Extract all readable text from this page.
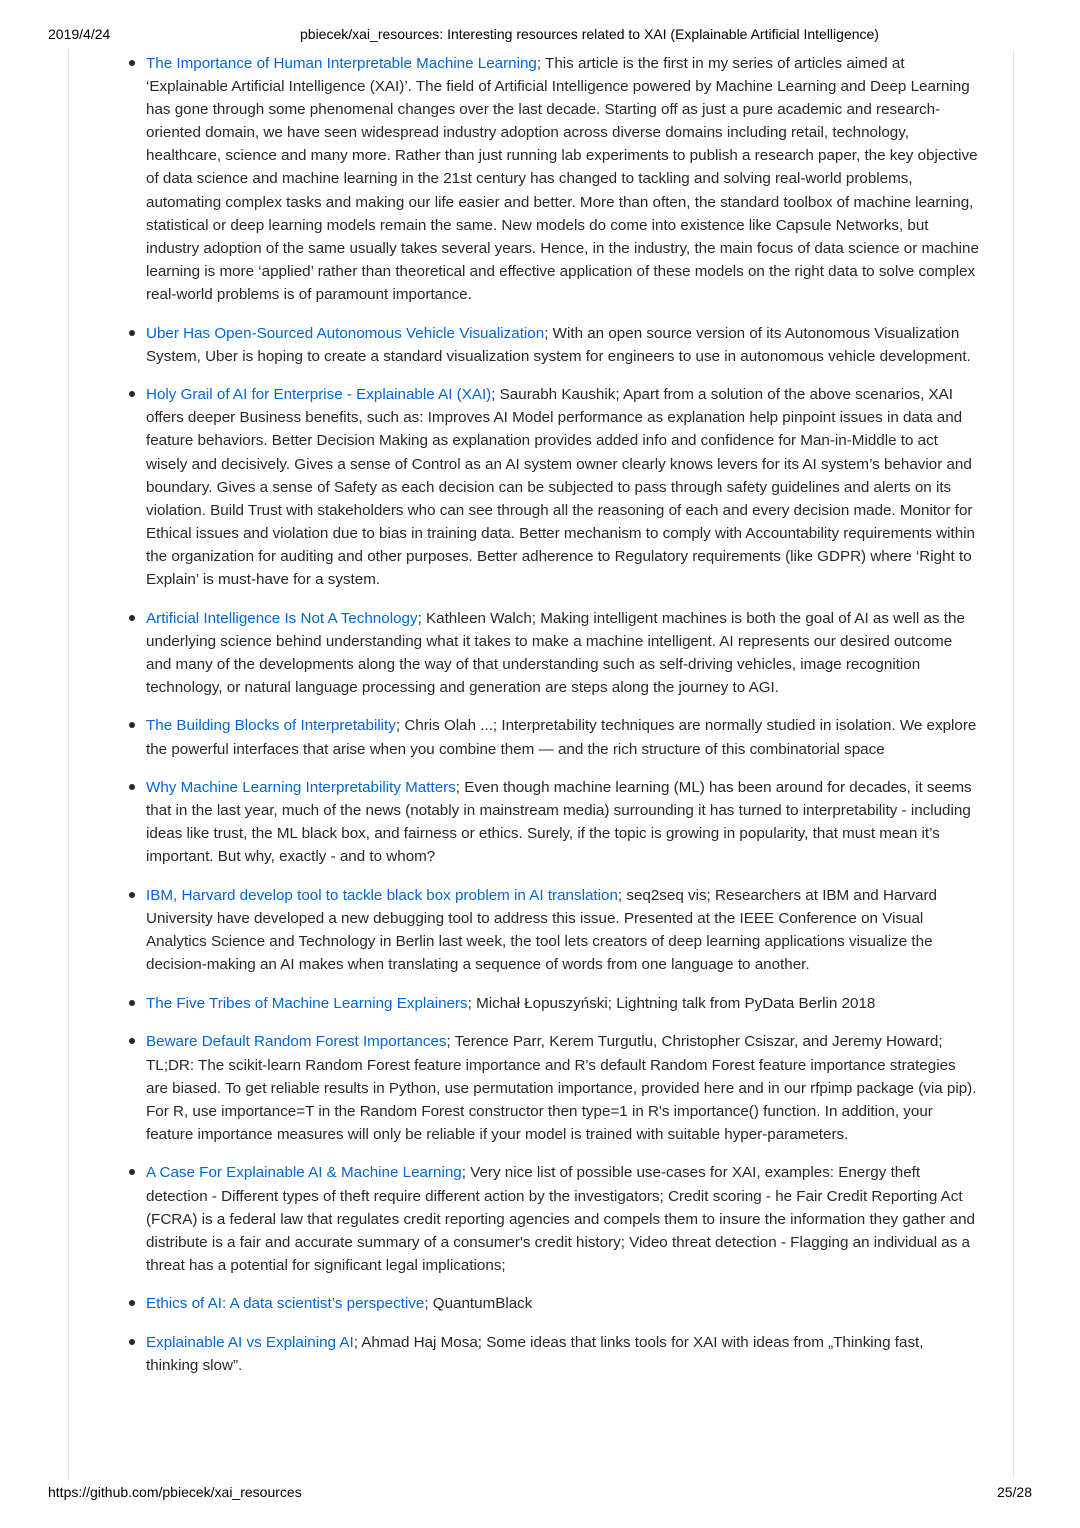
2019/4/24	pbiecek/xai_resources: Interesting resources related to XAI (Explainable Artificial Intelligence)
The Importance of Human Interpretable Machine Learning; This article is the first in my series of articles aimed at ‘Explainable Artificial Intelligence (XAI)’. The field of Artificial Intelligence powered by Machine Learning and Deep Learning has gone through some phenomenal changes over the last decade. Starting off as just a pure academic and research-oriented domain, we have seen widespread industry adoption across diverse domains including retail, technology, healthcare, science and many more. Rather than just running lab experiments to publish a research paper, the key objective of data science and machine learning in the 21st century has changed to tackling and solving real-world problems, automating complex tasks and making our life easier and better. More than often, the standard toolbox of machine learning, statistical or deep learning models remain the same. New models do come into existence like Capsule Networks, but industry adoption of the same usually takes several years. Hence, in the industry, the main focus of data science or machine learning is more ‘applied’ rather than theoretical and effective application of these models on the right data to solve complex real-world problems is of paramount importance.
Uber Has Open-Sourced Autonomous Vehicle Visualization; With an open source version of its Autonomous Visualization System, Uber is hoping to create a standard visualization system for engineers to use in autonomous vehicle development.
Holy Grail of AI for Enterprise - Explainable AI (XAI); Saurabh Kaushik; Apart from a solution of the above scenarios, XAI offers deeper Business benefits, such as: Improves AI Model performance as explanation help pinpoint issues in data and feature behaviors. Better Decision Making as explanation provides added info and confidence for Man-in-Middle to act wisely and decisively. Gives a sense of Control as an AI system owner clearly knows levers for its AI system’s behavior and boundary. Gives a sense of Safety as each decision can be subjected to pass through safety guidelines and alerts on its violation. Build Trust with stakeholders who can see through all the reasoning of each and every decision made. Monitor for Ethical issues and violation due to bias in training data. Better mechanism to comply with Accountability requirements within the organization for auditing and other purposes. Better adherence to Regulatory requirements (like GDPR) where ‘Right to Explain’ is must-have for a system.
Artificial Intelligence Is Not A Technology; Kathleen Walch; Making intelligent machines is both the goal of AI as well as the underlying science behind understanding what it takes to make a machine intelligent. AI represents our desired outcome and many of the developments along the way of that understanding such as self-driving vehicles, image recognition technology, or natural language processing and generation are steps along the journey to AGI.
The Building Blocks of Interpretability; Chris Olah ...; Interpretability techniques are normally studied in isolation. We explore the powerful interfaces that arise when you combine them — and the rich structure of this combinatorial space
Why Machine Learning Interpretability Matters; Even though machine learning (ML) has been around for decades, it seems that in the last year, much of the news (notably in mainstream media) surrounding it has turned to interpretability - including ideas like trust, the ML black box, and fairness or ethics. Surely, if the topic is growing in popularity, that must mean it’s important. But why, exactly - and to whom?
IBM, Harvard develop tool to tackle black box problem in AI translation; seq2seq vis; Researchers at IBM and Harvard University have developed a new debugging tool to address this issue. Presented at the IEEE Conference on Visual Analytics Science and Technology in Berlin last week, the tool lets creators of deep learning applications visualize the decision-making an AI makes when translating a sequence of words from one language to another.
The Five Tribes of Machine Learning Explainers; Michał Łopuszyński; Lightning talk from PyData Berlin 2018
Beware Default Random Forest Importances; Terence Parr, Kerem Turgutlu, Christopher Csiszar, and Jeremy Howard; TL;DR: The scikit-learn Random Forest feature importance and R's default Random Forest feature importance strategies are biased. To get reliable results in Python, use permutation importance, provided here and in our rfpimp package (via pip). For R, use importance=T in the Random Forest constructor then type=1 in R's importance() function. In addition, your feature importance measures will only be reliable if your model is trained with suitable hyper-parameters.
A Case For Explainable AI & Machine Learning; Very nice list of possible use-cases for XAI, examples: Energy theft detection - Different types of theft require different action by the investigators; Credit scoring - he Fair Credit Reporting Act (FCRA) is a federal law that regulates credit reporting agencies and compels them to insure the information they gather and distribute is a fair and accurate summary of a consumer's credit history; Video threat detection - Flagging an individual as a threat has a potential for significant legal implications;
Ethics of AI: A data scientist’s perspective; QuantumBlack
Explainable AI vs Explaining AI; Ahmad Haj Mosa; Some ideas that links tools for XAI with ideas from „Thinking fast, thinking slow”.
https://github.com/pbiecek/xai_resources	25/28
